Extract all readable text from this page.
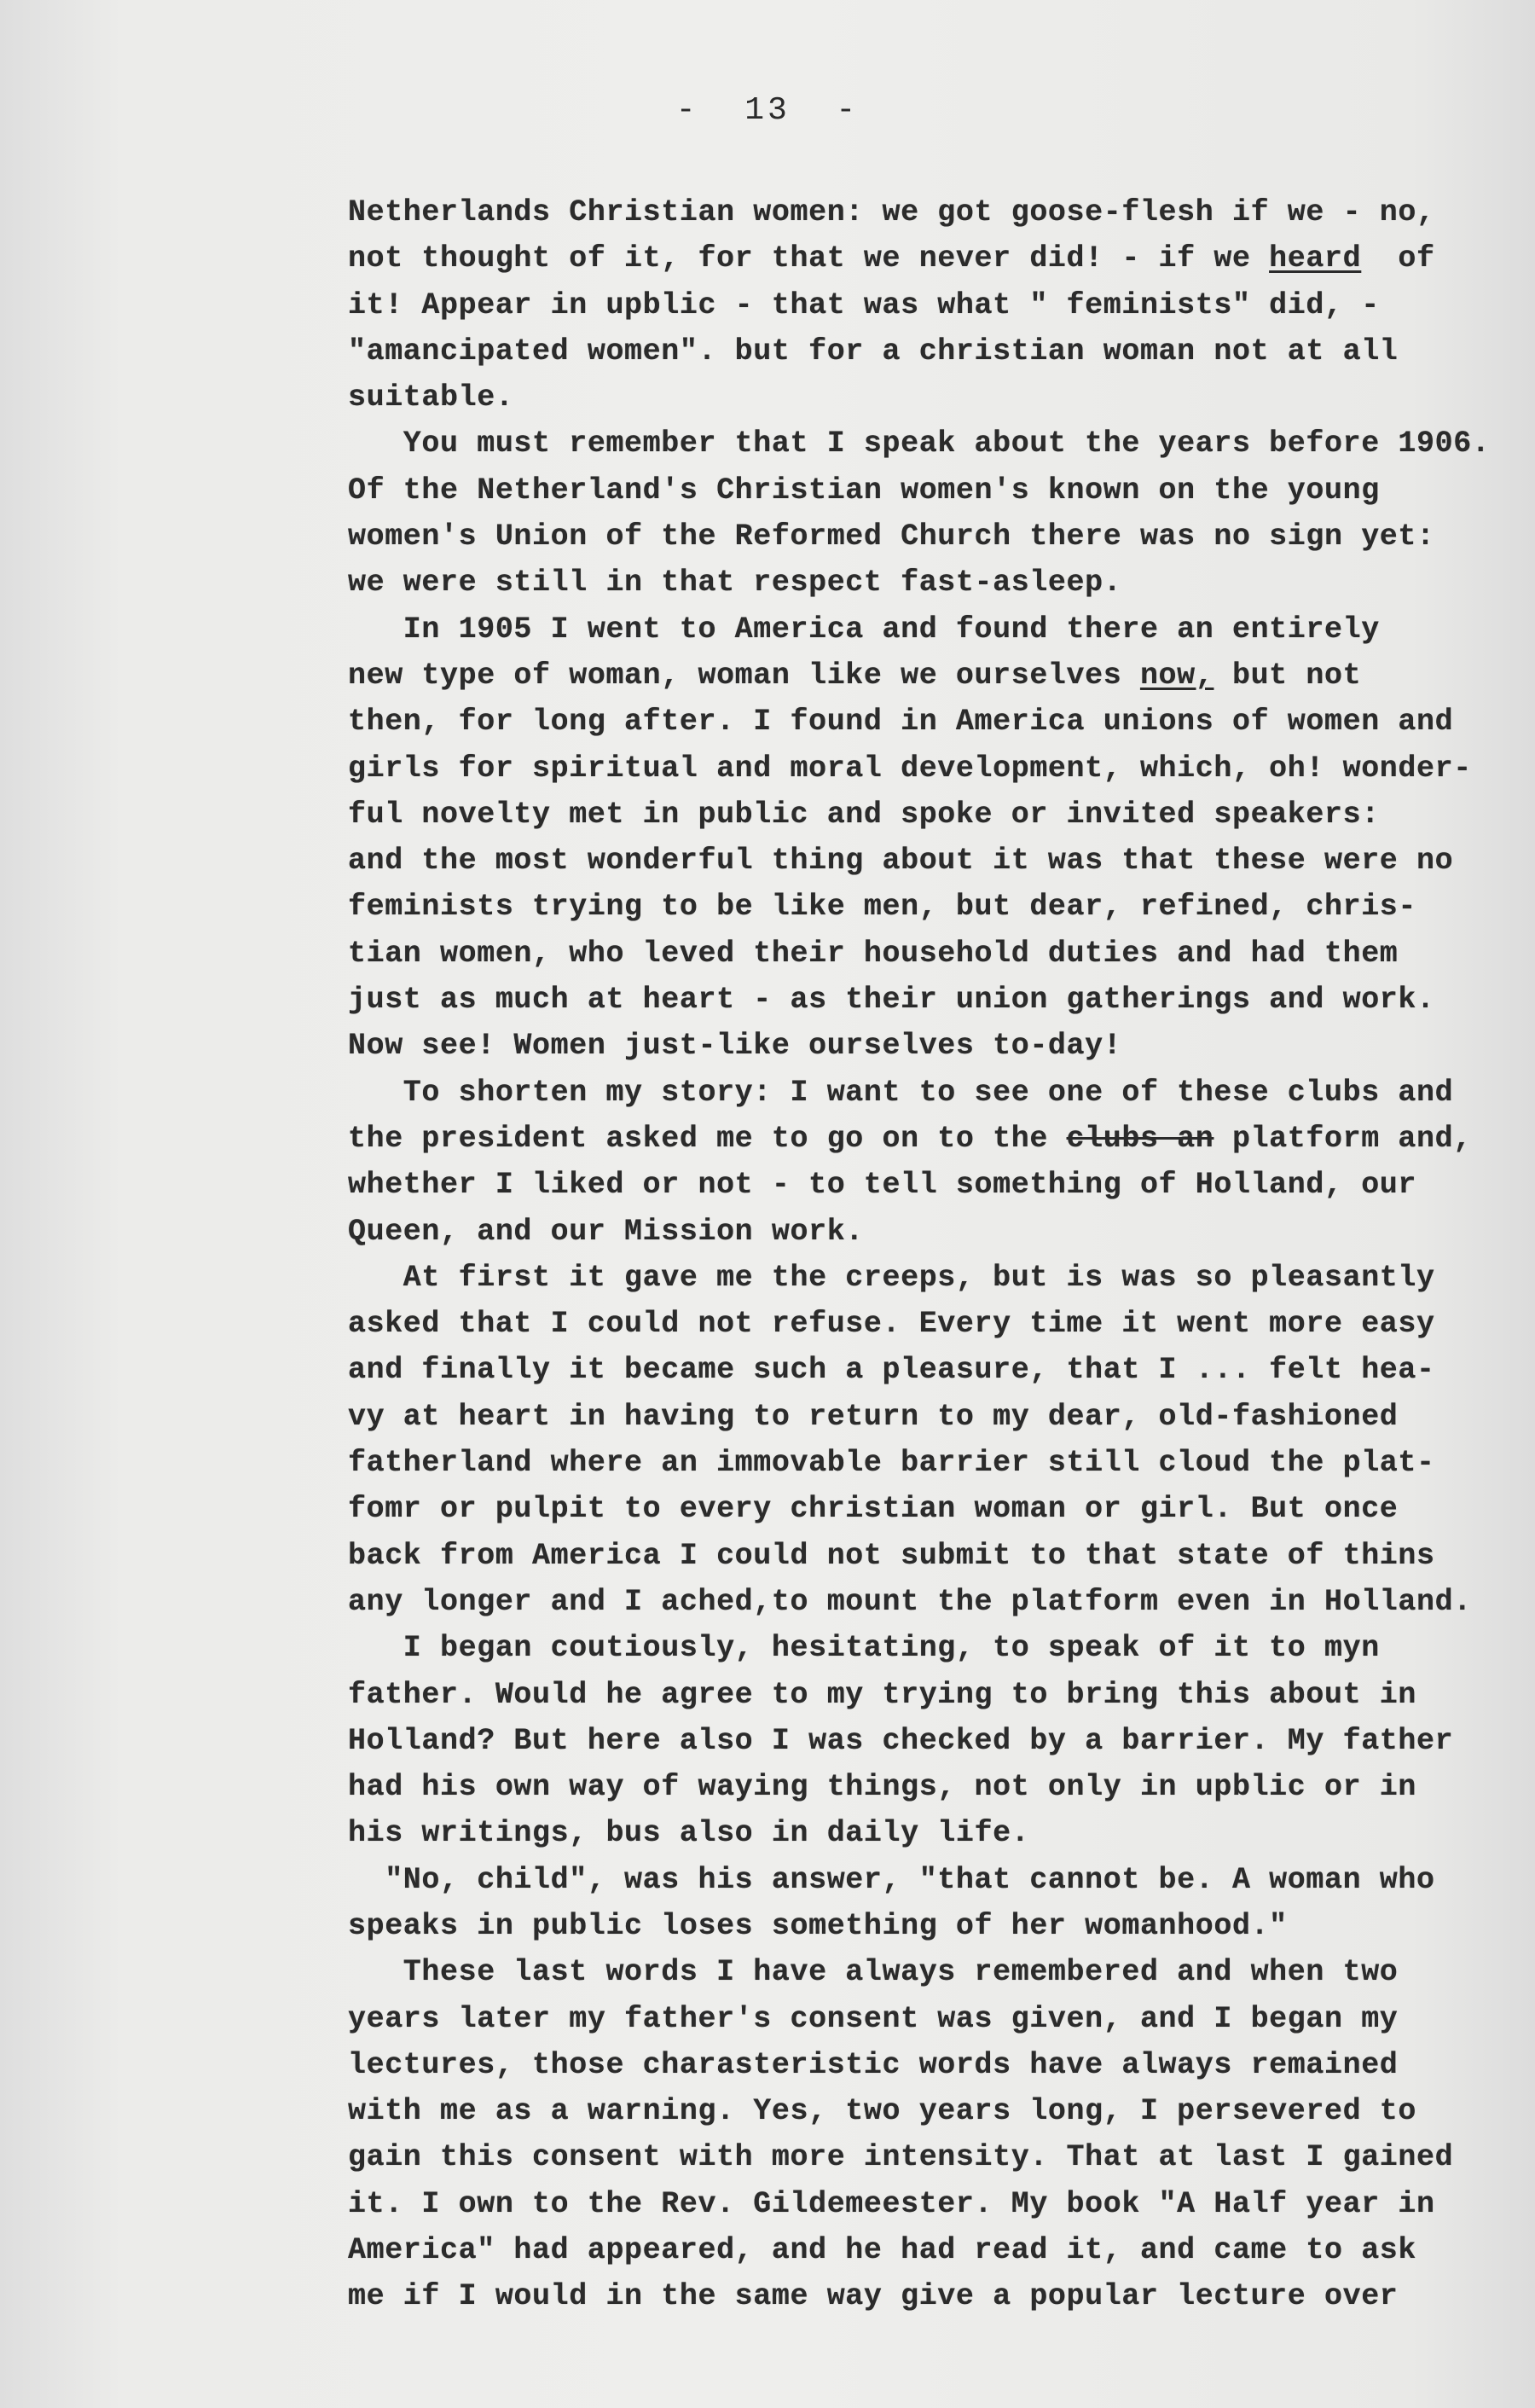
-  13  -
Netherlands Christian women: we got goose-flesh if we - no,
not thought of it, for that we never did! - if we heard  of
it! Appear in upblic - that was what " feminists" did, -
"amancipated women". but for a christian woman not at all
suitable.
You must remember that I speak about the years before 1906.
Of the Netherland's Christian women's known on the young
women's Union of the Reformed Church there was no sign yet:
we were still in that respect fast-asleep.
In 1905 I went to America and found there an entirely
new type of woman, woman like we ourselves now, but not
then, for long after. I found in America unions of women and
girls for spiritual and moral development, which, oh! wonder-
ful novelty met in public and spoke or invited speakers:
and the most wonderful thing about it was that these were no
feminists trying to be like men, but dear, refined, chris-
tian women, who leved their household duties and had them
just as much at heart - as their union gatherings and work.
Now see! Women just-like ourselves to-day!
To shorten my story: I want to see one of these clubs and
the president asked me to go on to the clubs an platform and,
whether I liked or not - to tell something of Holland, our
Queen, and our Mission work.
At first it gave me the creeps, but is was so pleasantly
asked that I could not refuse. Every time it went more easy
and finally it became such a pleasure, that I ... felt hea-
vy at heart in having to return to my dear, old-fashioned
fatherland where an immovable barrier still cloud the plat-
fomr or pulpit to every christian woman or girl. But once
back from America I could not submit to that state of thins
any longer and I ached,to mount the platform even in Holland.
I began coutiously, hesitating, to speak of it to myn
father. Would he agree to my trying to bring this about in
Holland? But here also I was checked by a barrier. My father
had his own way of waying things, not only in upblic or in
his writings, bus also in daily life.
"No, child", was his answer, "that cannot be. A woman who
speaks in public loses something of her womanhood."
These last words I have always remembered and when two
years later my father's consent was given, and I began my
lectures, those charasteristic words have always remained
with me as a warning. Yes, two years long, I persevered to
gain this consent with more intensity. That at last I gained
it. I own to the Rev. Gildemeester. My book "A Half year in
America" had appeared, and he had read it, and came to ask
me if I would in the same way give a popular lecture over
